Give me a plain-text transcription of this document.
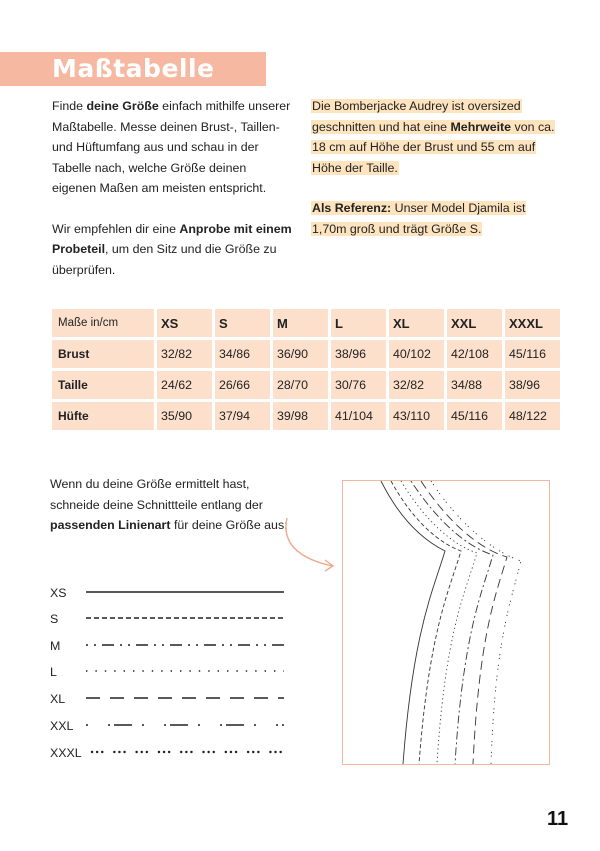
Maßtabelle

Finde deine Größe einfach mithilfe unserer Maßtabelle. Messe deinen Brust-, Taillen- und Hüftumfang aus und schau in der Tabelle nach, welche Größe deinen eigenen Maßen am meisten entspricht.

Wir empfehlen dir eine Anprobe mit einem Probeteil, um den Sitz und die Größe zu überprüfen.

Die Bomberjacke Audrey ist oversized geschnitten und hat eine Mehrweite von ca. 18 cm auf Höhe der Brust und 55 cm auf Höhe der Taille.

Als Referenz: Unser Model Djamila ist 1,70m groß und trägt Größe S.

Maße in/cm	XS	S	M	L	XL	XXL	XXXL
Brust	32/82	34/86	36/90	38/96	40/102	42/108	45/116
Taille	24/62	26/66	28/70	30/76	32/82	34/88	38/96
Hüfte	35/90	37/94	39/98	41/104	43/110	45/116	48/122
Wenn du deine Größe ermittelt hast, schneide deine Schnittteile entlang der passenden Linienart für deine Größe aus:
XS
S
M
L
XL
XXL
XXXL
11
